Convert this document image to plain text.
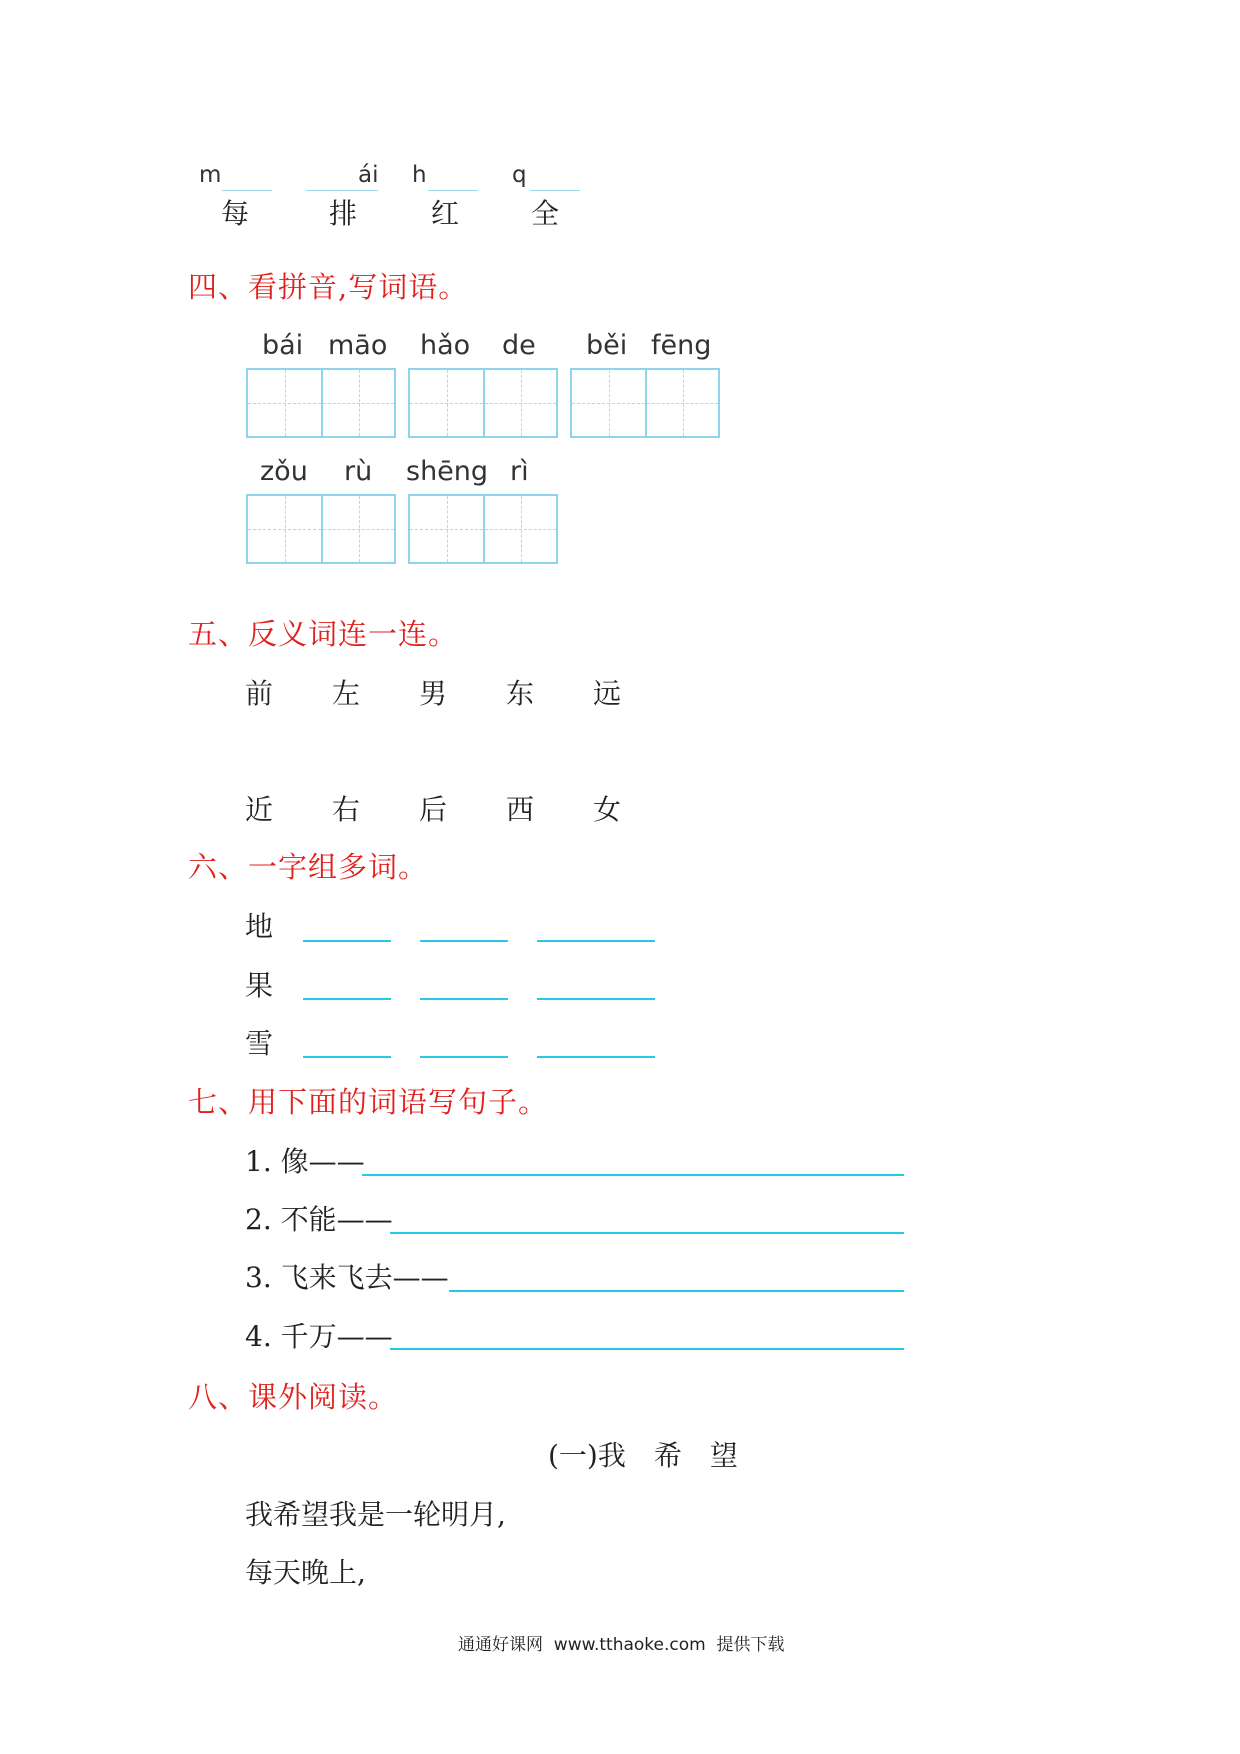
m
每
ái
排
h
红
q
全
四、看拼音,写词语。
bái māo hǎo de běi fēng
zǒu rù shēng rì
五、反义词连一连。
前 左 男 东 远
近 右 后 西 女
六、一字组多词。
地
果
雪
七、用下面的词语写句子。
1. 像——
2. 不能——
3. 飞来飞去——
4. 千万——
八、课外阅读。
(一)我　希　望
我希望我是一轮明月,
每天晚上,
通通好课网  www.tthaoke.com  提供下载
